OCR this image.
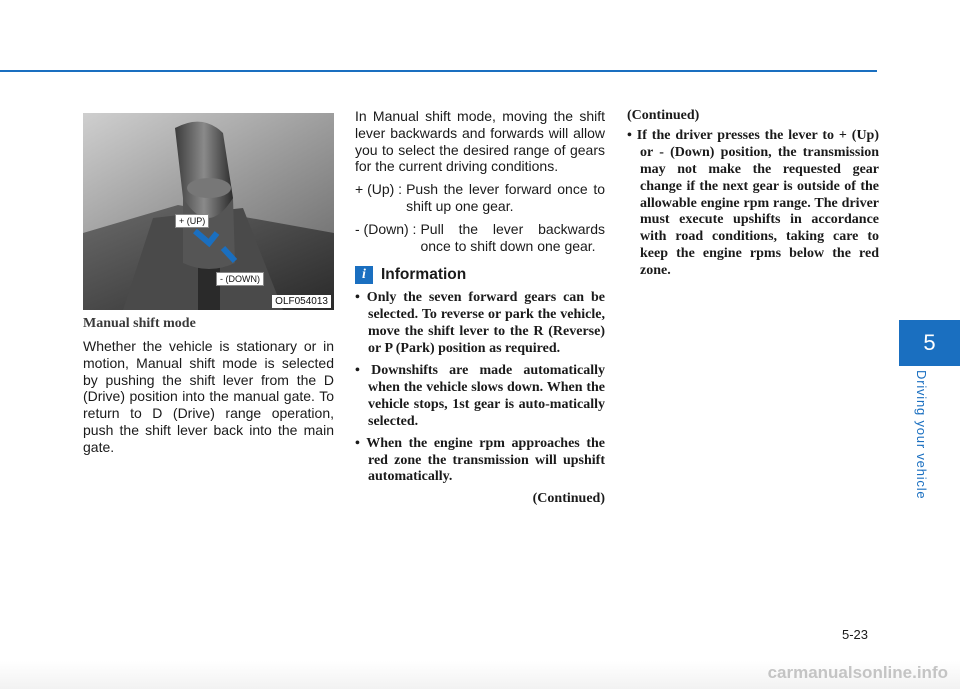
5
Driving your vehicle
+ (UP)
- (DOWN)
OLF054013

Manual shift mode

Whether the vehicle is stationary or in motion, Manual shift mode is selected by pushing the shift lever from the D (Drive) position into the manual gate. To return to D (Drive) range operation, push the shift lever back into the main gate.

In Manual shift mode, moving the shift lever backwards and forwards will allow you to select the desired range of gears for the current driving conditions.

+ (Up) : Push the lever forward once to shift up one gear.
- (Down) : Pull the lever backwards once to shift down one gear.
i Information
• Only the seven forward gears can be selected. To reverse or park the vehicle, move the shift lever to the R (Reverse) or P (Park) position as required.
• Downshifts are made automatically when the vehicle slows down. When the vehicle stops, 1st gear is auto-matically selected.
• When the engine rpm approaches the red zone the transmission will upshift automatically.
(Continued)

(Continued)

• If the driver presses the lever to + (Up) or - (Down) position, the transmission may not make the requested gear change if the next gear is outside of the allowable engine rpm range. The driver must execute upshifts in accordance with road conditions, taking care to keep the engine rpms below the red zone.
5-23
carmanualsonline.info
